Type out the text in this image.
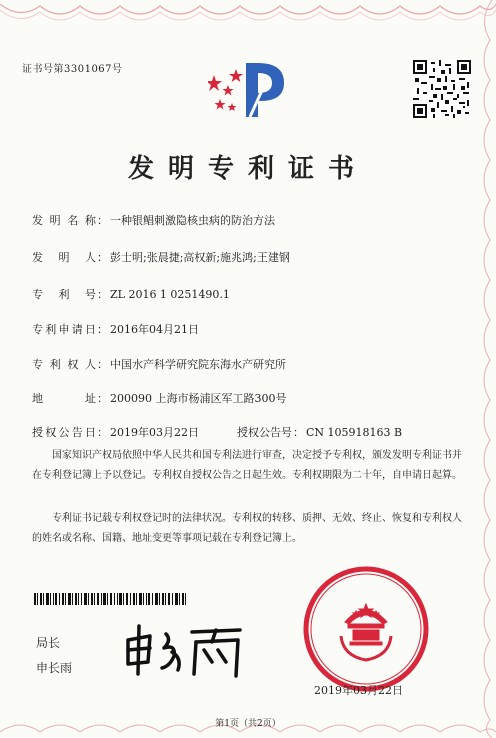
证书号第3301067号
发明专利证书
发明名称： 一种银鲳刺激隐核虫病的防治方法
发明人： 彭士明;张晨捷;高权新;施兆鸿;王建钢
专利号： ZL 2016 1 0251490.1
专利申请日： 2016年04月21日
专利权人： 中国水产科学研究院东海水产研究所
地址： 200090 上海市杨浦区军工路300号
授权公告日： 2019年03月22日	授权公告号： CN 105918163 B
国家知识产权局依照中华人民共和国专利法进行审查，决定授予专利权，颁发发明专利证书并在专利登记簿上予以登记。专利权自授权公告之日起生效。专利权期限为二十年，自申请日起算。
专利证书记载专利权登记时的法律状况。专利权的转移、质押、无效、终止、恢复和专利权人的姓名或名称、国籍、地址变更等事项记载在专利登记簿上。
局长
申长雨
2019年03月22日
第1页（共2页）
